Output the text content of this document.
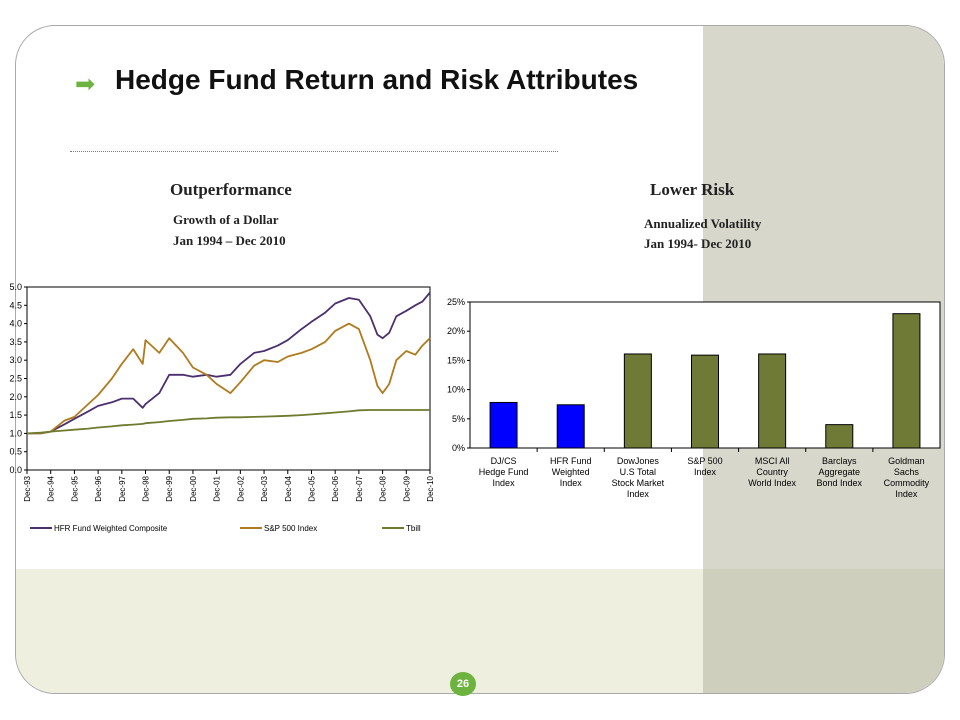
➡ Hedge Fund Return and Risk Attributes
Outperformance
Growth of a Dollar
Jan 1994 – Dec 2010
Lower Risk
Annualized Volatility
Jan 1994- Dec 2010
0.0
0.5
1.0
1.5
2.0
2.5
3.0
3.5
4.0
4.5
5.0
Dec-93 Dec-94 Dec-95 Dec-96 Dec-97 Dec-98 Dec-99 Dec-00 Dec-01 Dec-02 Dec-03 Dec-04 Dec-05 Dec-06 Dec-07 Dec-08 Dec-09 Dec-10
HFR Fund Weighted Composite	S&P 500 Index	Tbill
0%
5%
10%
15%
20%
25%
DJ/CS Hedge Fund Index
HFR Fund Weighted Index
DowJones U.S Total Stock Market Index
S&P 500 Index
MSCI All Country World Index
Barclays Aggregate Bond Index
Goldman Sachs Commodity Index
26
